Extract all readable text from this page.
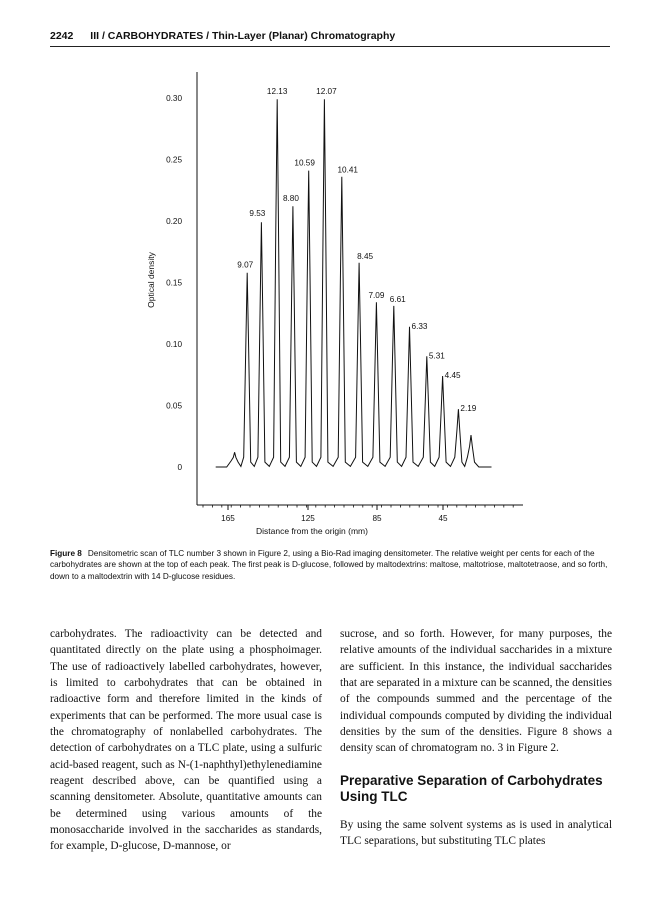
2242 III / CARBOHYDRATES / Thin-Layer (Planar) Chromatography
0
0.05
0.10
0.15
0.20
0.25
0.30
165	125	85	45
9.07
9.53
12.13
8.80
10.59
12.07
10.41
8.45
7.09 6.61
6.33
5.31
4.45
2.19
Distance from the origin (mm)
Optical density
Figure 8 Densitometric scan of TLC number 3 shown in Figure 2, using a Bio-Rad imaging densitometer. The relative weight per cents for each of the carbohydrates are shown at the top of each peak. The first peak is D-glucose, followed by maltodextrins: maltose, maltotriose, maltotetraose, and so forth, down to a maltodextrin with 14 D-glucose residues.

carbohydrates. The radioactivity can be detected and quantitated directly on the plate using a phosphoimager. The use of radioactively labelled carbohydrates, however, is limited to carbohydrates that can be obtained in radioactive form and therefore limited in the kinds of experiments that can be performed. The more usual case is the chromatography of nonlabelled carbohydrates. The detection of carbohydrates on a TLC plate, using a sulfuric acid-based reagent, such as N-(1-naphthyl)ethylenediamine reagent described above, can be quantified using a scanning densitometer. Absolute, quantitative amounts can be determined using various amounts of the monosaccharide involved in the saccharides as standards, for example, D-glucose, D-mannose, or

sucrose, and so forth. However, for many purposes, the relative amounts of the individual saccharides in a mixture are sufficient. In this instance, the individual saccharides that are separated in a mixture can be scanned, the densities of the compounds summed and the percentage of the individual compounds computed by dividing the individual densities by the sum of the densities. Figure 8 shows a density scan of chromatogram no. 3 in Figure 2.

Preparative Separation of Carbohydrates Using TLC

By using the same solvent systems as is used in analytical TLC separations, but substituting TLC plates
